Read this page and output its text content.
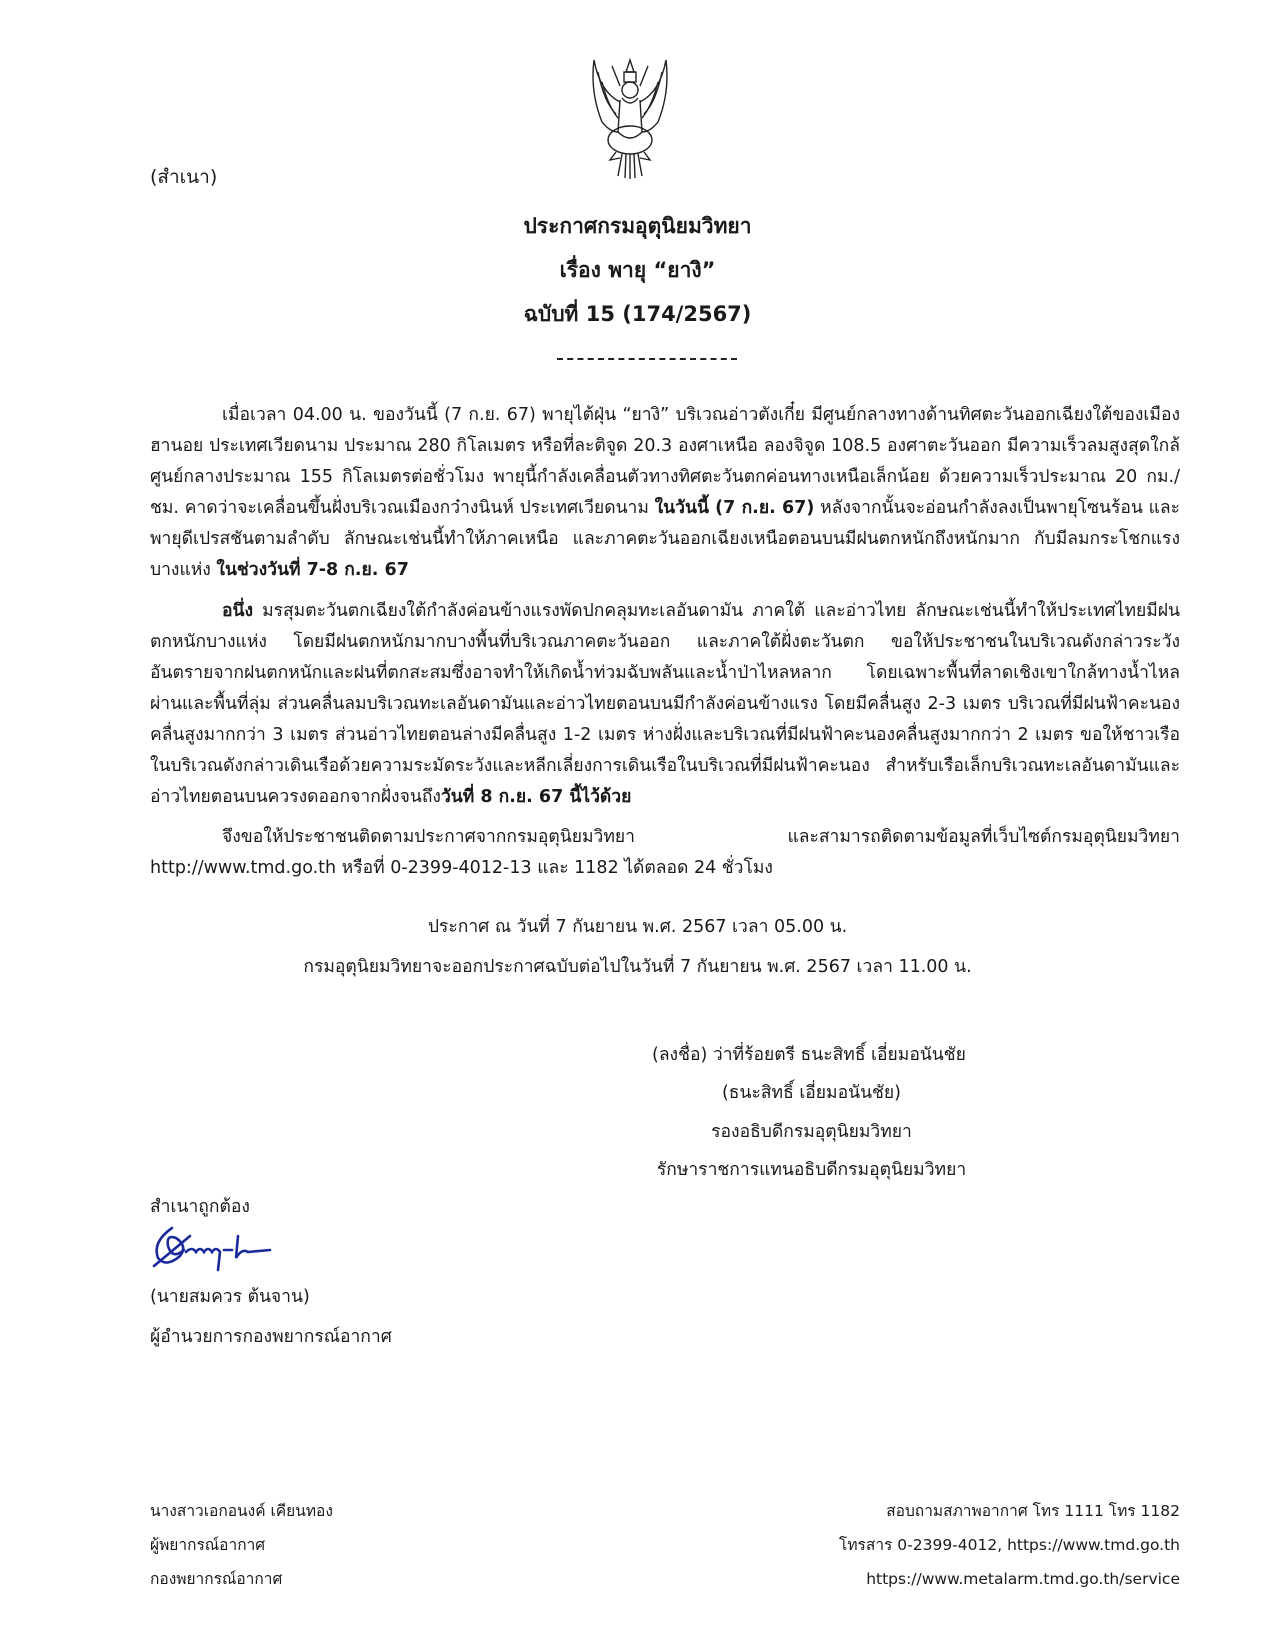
(สำเนา)
ประกาศกรมอุตุนิยมวิทยา
เรื่อง พายุ “ยางิ”
ฉบับที่ 15 (174/2567)
เมื่อเวลา 04.00 น. ของวันนี้ (7 ก.ย. 67) พายุไต้ฝุ่น “ยางิ” บริเวณอ่าวตังเกี๋ย มีศูนย์กลางทางด้านทิศตะวันออกเฉียงใต้ของเมืองฮานอย ประเทศเวียดนาม ประมาณ 280 กิโลเมตร หรือที่ละติจูด 20.3 องศาเหนือ ลองจิจูด 108.5 องศาตะวันออก มีความเร็วลมสูงสุดใกล้ศูนย์กลางประมาณ 155 กิโลเมตรต่อชั่วโมง พายุนี้กำลังเคลื่อนตัวทางทิศตะวันตกค่อนทางเหนือเล็กน้อย ด้วยความเร็วประมาณ 20 กม./ชม. คาดว่าจะเคลื่อนขึ้นฝั่งบริเวณเมืองกว๋างนินห์ ประเทศเวียดนาม ในวันนี้ (7 ก.ย. 67) หลังจากนั้นจะอ่อนกำลังลงเป็นพายุโซนร้อน และพายุดีเปรสชันตามลำดับ ลักษณะเช่นนี้ทำให้ภาคเหนือ และภาคตะวันออกเฉียงเหนือตอนบนมีฝนตกหนักถึงหนักมาก กับมีลมกระโชกแรงบางแห่ง ในช่วงวันที่ 7-8 ก.ย. 67
อนึ่ง มรสุมตะวันตกเฉียงใต้กำลังค่อนข้างแรงพัดปกคลุมทะเลอันดามัน ภาคใต้ และอ่าวไทย ลักษณะเช่นนี้ทำให้ประเทศไทยมีฝนตกหนักบางแห่ง โดยมีฝนตกหนักมากบางพื้นที่บริเวณภาคตะวันออก และภาคใต้ฝั่งตะวันตก ขอให้ประชาชนในบริเวณดังกล่าวระวังอันตรายจากฝนตกหนักและฝนที่ตกสะสมซึ่งอาจทำให้เกิดน้ำท่วมฉับพลันและน้ำป่าไหลหลาก โดยเฉพาะพื้นที่ลาดเชิงเขาใกล้ทางน้ำไหลผ่านและพื้นที่ลุ่ม ส่วนคลื่นลมบริเวณทะเลอันดามันและอ่าวไทยตอนบนมีกำลังค่อนข้างแรง โดยมีคลื่นสูง 2-3 เมตร บริเวณที่มีฝนฟ้าคะนองคลื่นสูงมากกว่า 3 เมตร ส่วนอ่าวไทยตอนล่างมีคลื่นสูง 1-2 เมตร ห่างฝั่งและบริเวณที่มีฝนฟ้าคะนองคลื่นสูงมากกว่า 2 เมตร ขอให้ชาวเรือในบริเวณดังกล่าวเดินเรือด้วยความระมัดระวังและหลีกเลี่ยงการเดินเรือในบริเวณที่มีฝนฟ้าคะนอง สำหรับเรือเล็กบริเวณทะเลอันดามันและอ่าวไทยตอนบนควรงดออกจากฝั่งจนถึงวันที่ 8 ก.ย. 67 นี้ไว้ด้วย
จึงขอให้ประชาชนติดตามประกาศจากกรมอุตุนิยมวิทยา และสามารถติดตามข้อมูลที่เว็บไซต์กรมอุตุนิยมวิทยา http://www.tmd.go.th หรือที่ 0-2399-4012-13 และ 1182 ได้ตลอด 24 ชั่วโมง
ประกาศ ณ วันที่ 7 กันยายน พ.ศ. 2567 เวลา 05.00 น.
กรมอุตุนิยมวิทยาจะออกประกาศฉบับต่อไปในวันที่ 7 กันยายน พ.ศ. 2567 เวลา 11.00 น.
(ลงชื่อ) ว่าที่ร้อยตรี ธนะสิทธิ์ เอี่ยมอนันชัย
(ธนะสิทธิ์ เอี่ยมอนันชัย)
รองอธิบดีกรมอุตุนิยมวิทยา
รักษาราชการแทนอธิบดีกรมอุตุนิยมวิทยา
สำเนาถูกต้อง
(นายสมควร ต้นจาน)
ผู้อำนวยการกองพยากรณ์อากาศ
นางสาวเอกอนงค์ เคียนทอง
ผู้พยากรณ์อากาศ
กองพยากรณ์อากาศ
สอบถามสภาพอากาศ โทร 1111 โทร 1182
โทรสาร 0-2399-4012, https://www.tmd.go.th
https://www.metalarm.tmd.go.th/service
